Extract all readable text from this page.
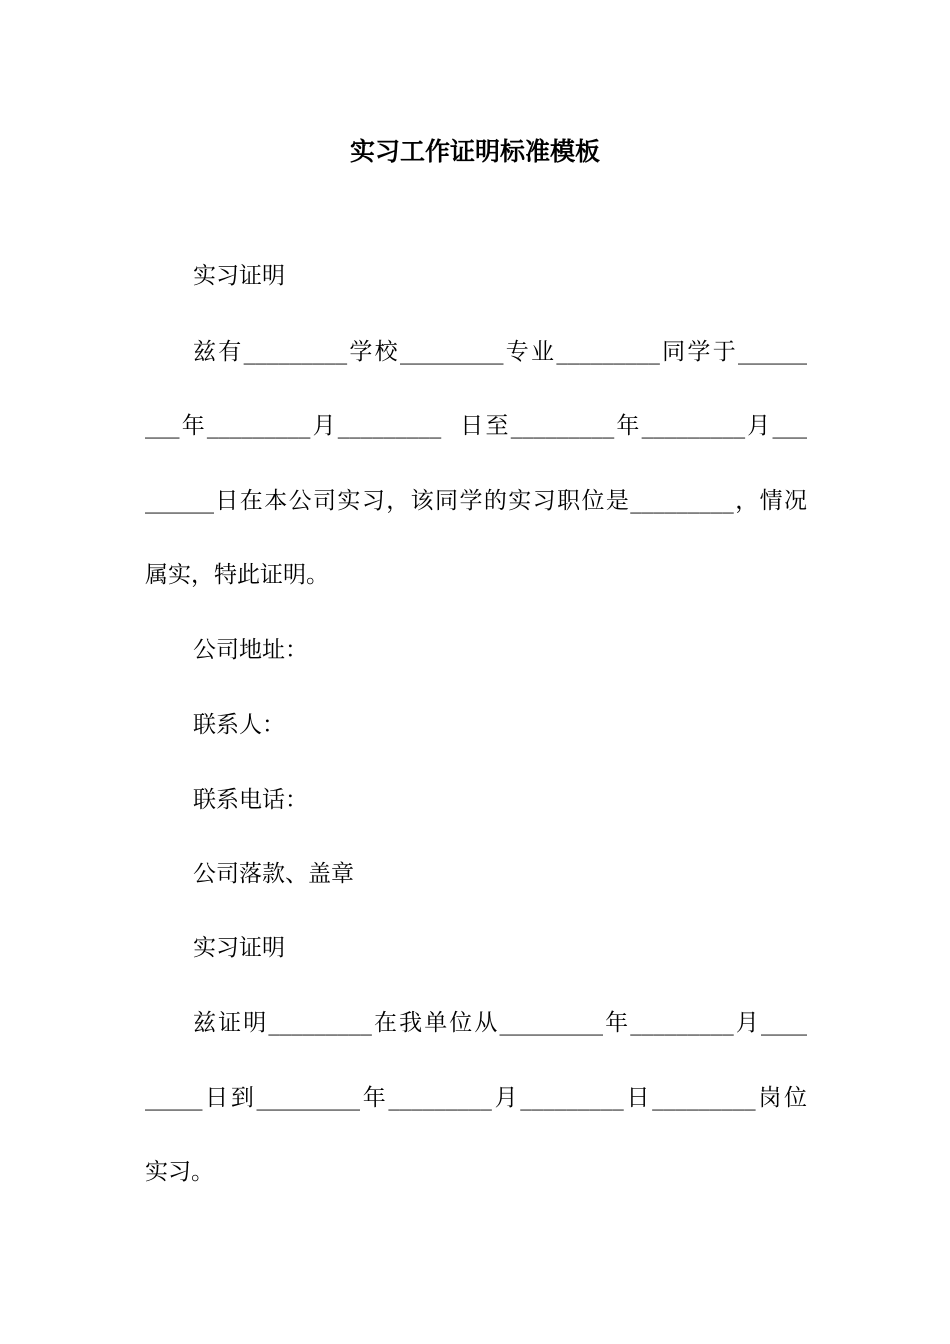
实习工作证明标准模板
实习证明
兹有_________学校_________专业_________同学于______
___年_________月_________  日至_________年_________月___
______日在本公司实习，该同学的实习职位是_________，情况
属实，特此证明。
公司地址：
联系人：
联系电话：
公司落款、盖章
实习证明
兹证明_________在我单位从_________年_________月____
_____日到_________年_________月_________日_________岗位
实习。
